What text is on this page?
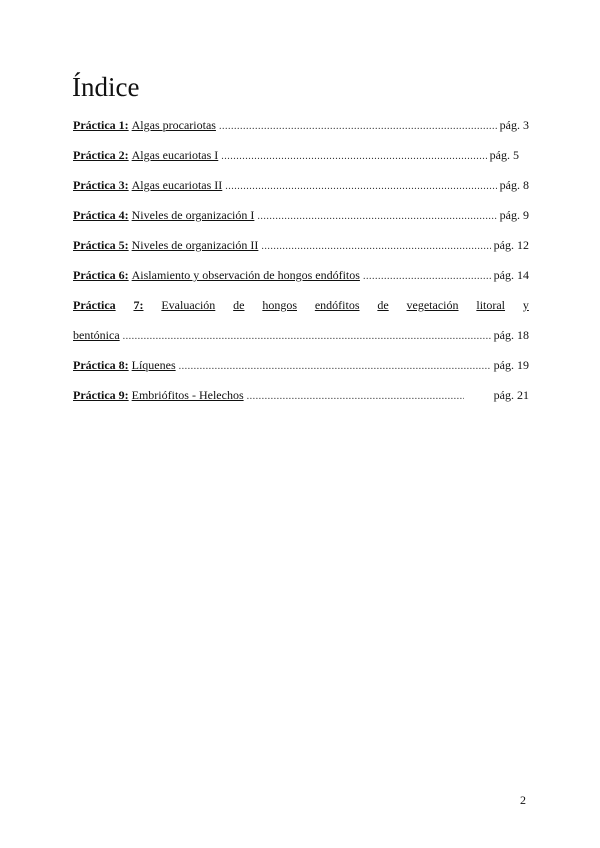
Índice
Práctica 1: Algas procariotas .....	pág. 3
Práctica 2: Algas eucariotas I .....	pág. 5
Práctica 3: Algas eucariotas II .....	pág. 8
Práctica 4: Niveles de organización I .....	pág. 9
Práctica 5: Niveles de organización II .....	pág. 12
Práctica 6: Aislamiento y observación de hongos endófitos .....	pág. 14
Práctica 7: Evaluación de hongos endófitos de vegetación litoral y
bentónica .....	pág. 18
Práctica 8: Líquenes .....	pág. 19
Práctica 9: Embriófitos - Helechos .....	pág. 21
2
